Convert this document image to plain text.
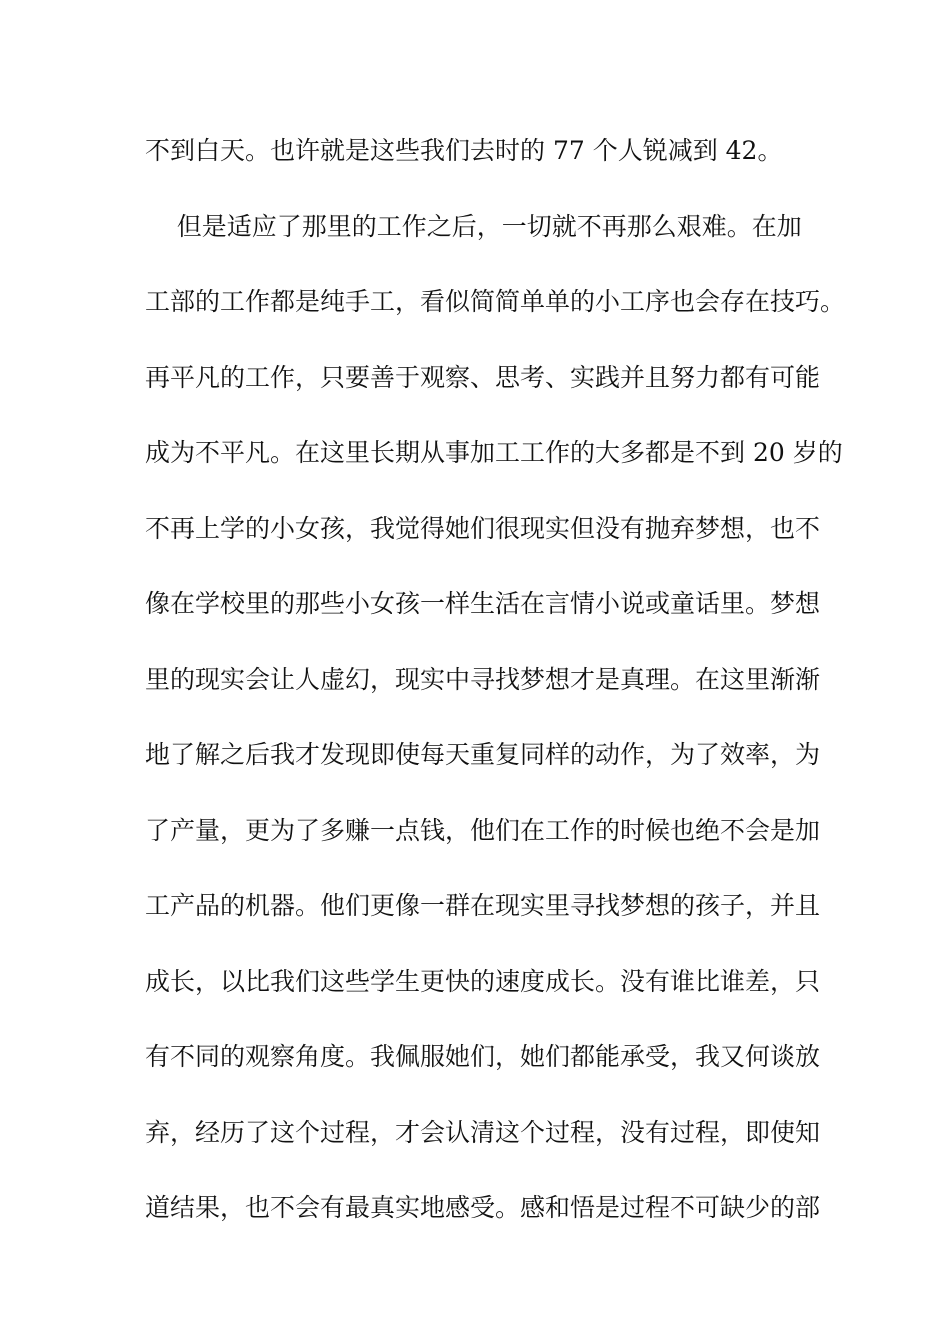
不到白天。也许就是这些我们去时的 77 个人锐减到 42。
但是适应了那里的工作之后，一切就不再那么艰难。在加
工部的工作都是纯手工，看似简简单单的小工序也会存在技巧。
再平凡的工作，只要善于观察、思考、实践并且努力都有可能
成为不平凡。在这里长期从事加工工作的大多都是不到 20 岁的
不再上学的小女孩，我觉得她们很现实但没有抛弃梦想，也不
像在学校里的那些小女孩一样生活在言情小说或童话里。梦想
里的现实会让人虚幻，现实中寻找梦想才是真理。在这里渐渐
地了解之后我才发现即使每天重复同样的动作，为了效率，为
了产量，更为了多赚一点钱，他们在工作的时候也绝不会是加
工产品的机器。他们更像一群在现实里寻找梦想的孩子，并且
成长，以比我们这些学生更快的速度成长。没有谁比谁差，只
有不同的观察角度。我佩服她们，她们都能承受，我又何谈放
弃，经历了这个过程，才会认清这个过程，没有过程，即使知
道结果，也不会有最真实地感受。感和悟是过程不可缺少的部
